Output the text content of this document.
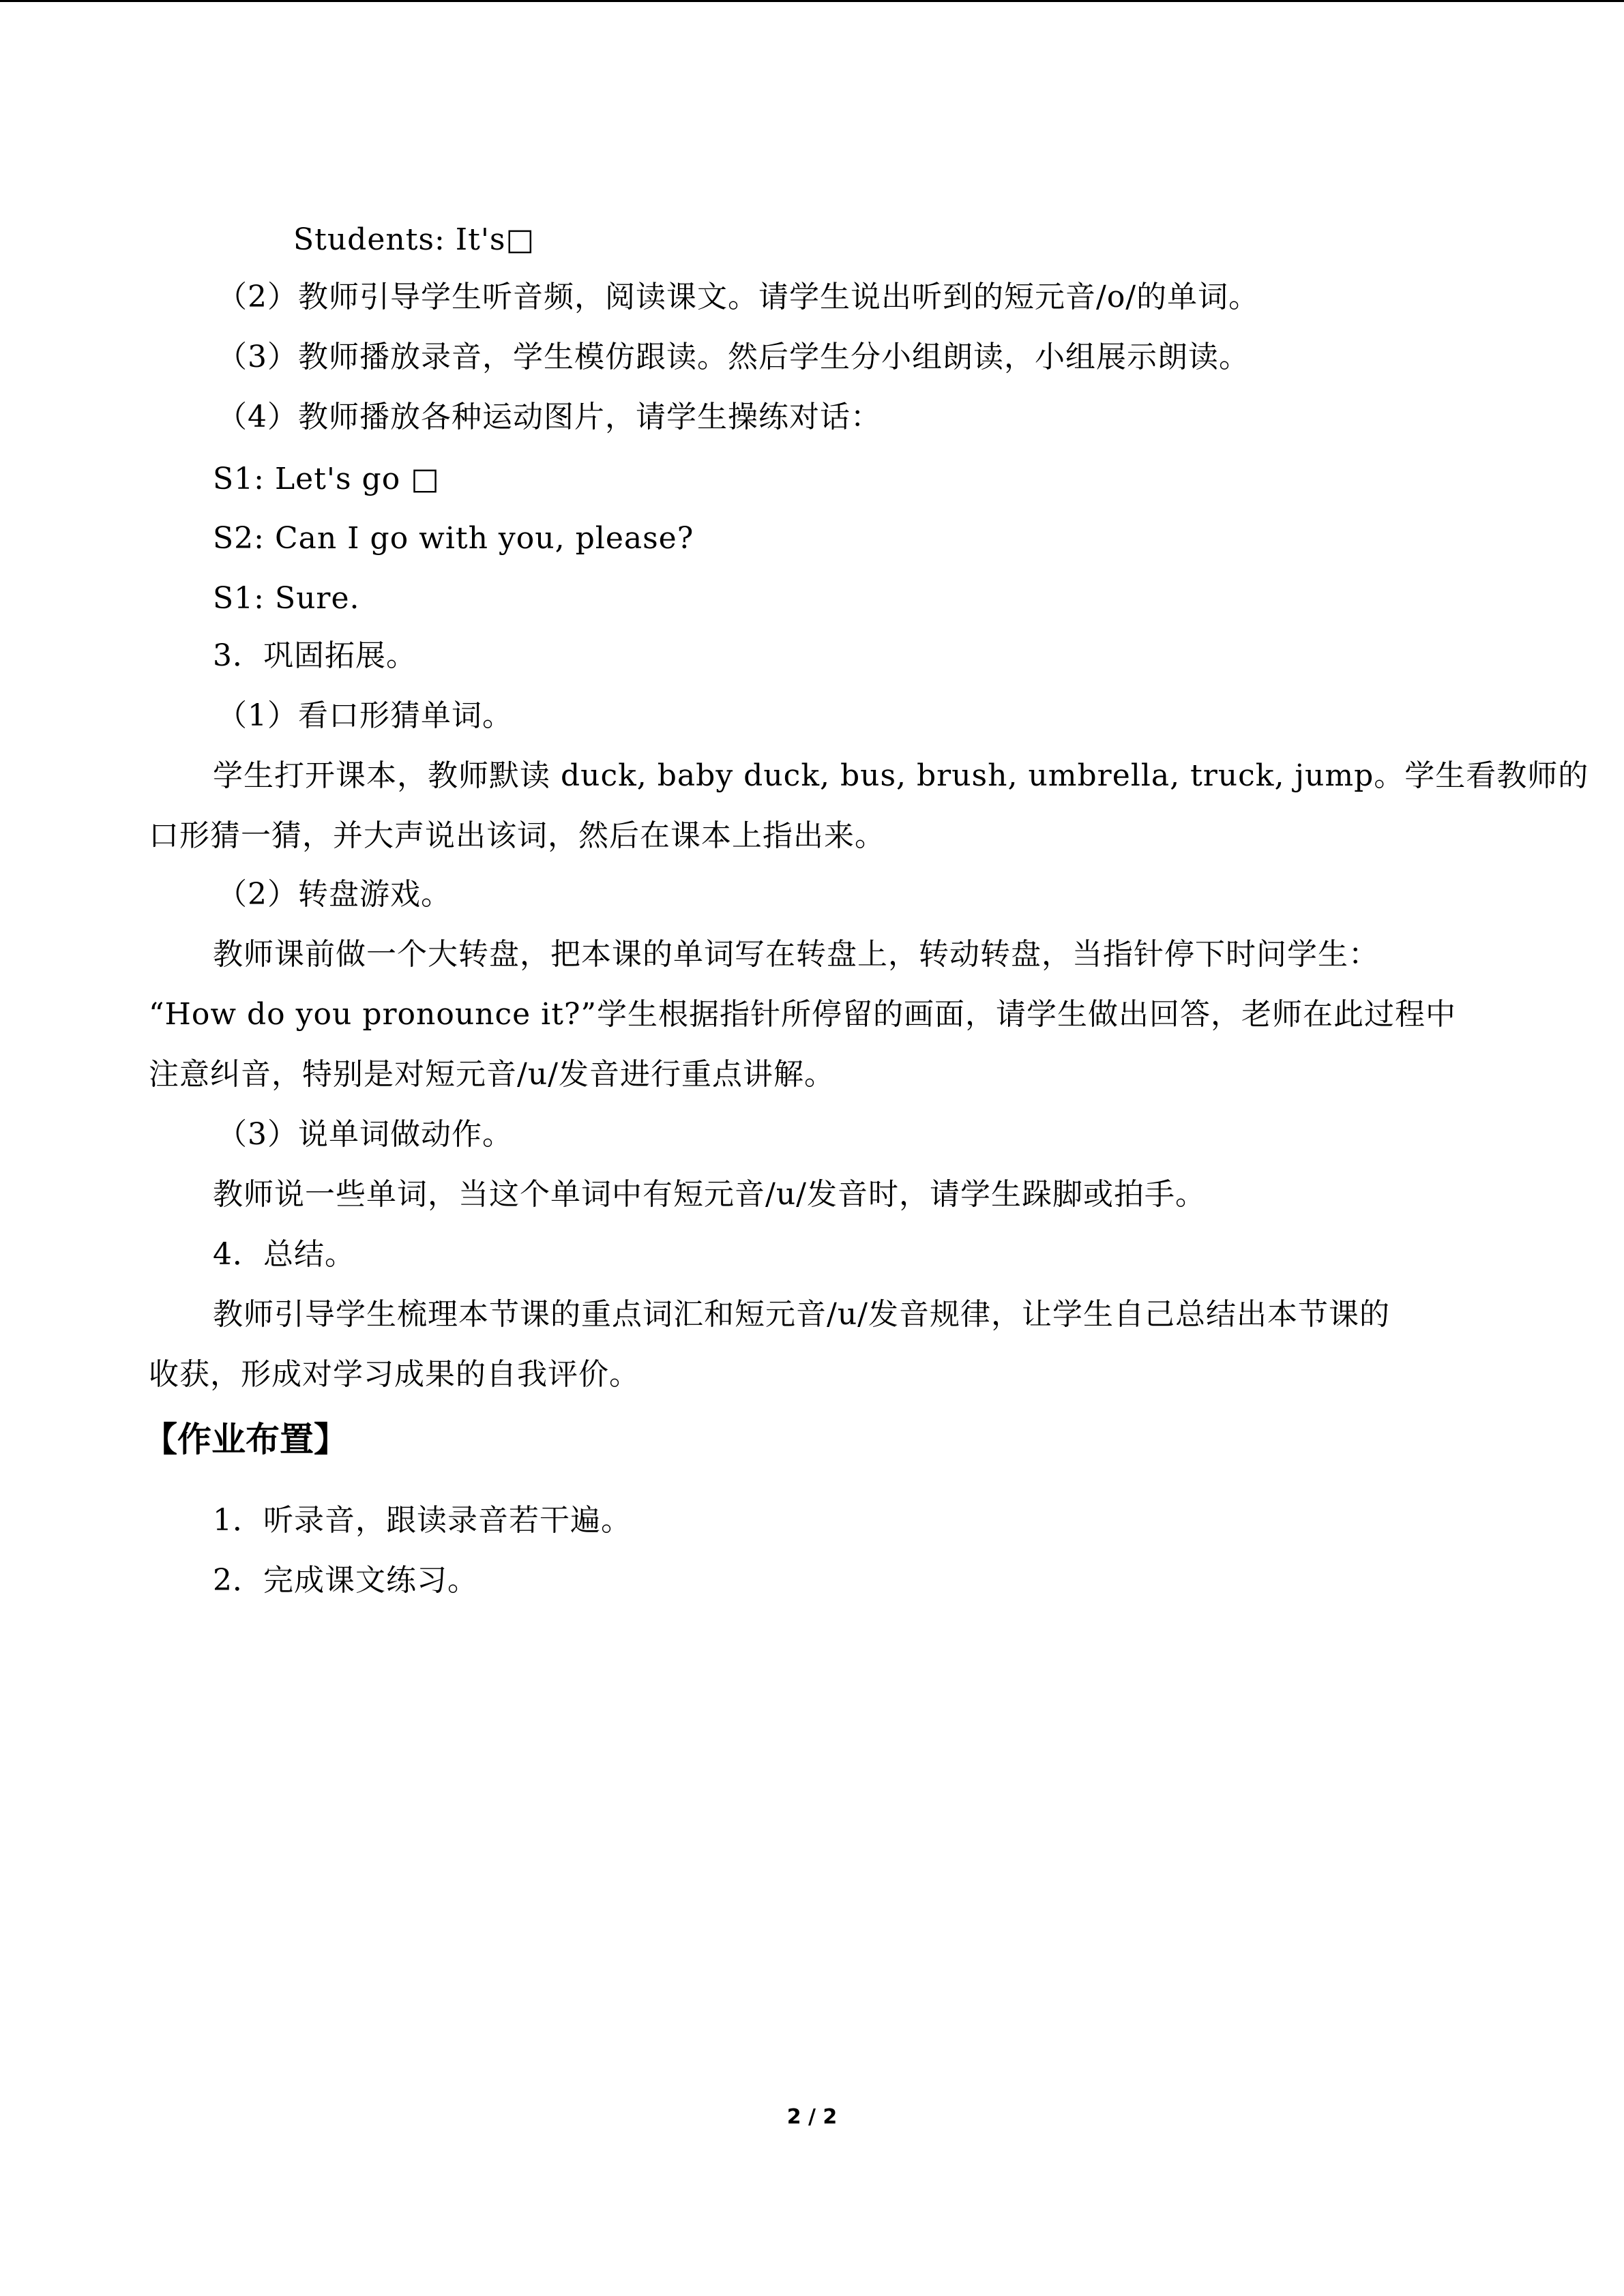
Students: It's□
（2）教师引导学生听音频，阅读课文。请学生说出听到的短元音/o/的单词。
（3）教师播放录音，学生模仿跟读。然后学生分小组朗读，小组展示朗读。
（4）教师播放各种运动图片，请学生操练对话：
S1: Let's go □
S2: Can I go with you, please?
S1: Sure.
3．巩固拓展。
（1）看口形猜单词。
学生打开课本，教师默读 duck, baby duck, bus, brush, umbrella, truck, jump。学生看教师的
口形猜一猜，并大声说出该词，然后在课本上指出来。
（2）转盘游戏。
教师课前做一个大转盘，把本课的单词写在转盘上，转动转盘，当指针停下时问学生：
“How do you pronounce it?”学生根据指针所停留的画面，请学生做出回答，老师在此过程中
注意纠音，特别是对短元音/u/发音进行重点讲解。
（3）说单词做动作。
教师说一些单词，当这个单词中有短元音/u/发音时，请学生跺脚或拍手。
4．总结。
教师引导学生梳理本节课的重点词汇和短元音/u/发音规律，让学生自己总结出本节课的
收获，形成对学习成果的自我评价。
【作业布置】
1．听录音，跟读录音若干遍。
2．完成课文练习。
2 / 2
